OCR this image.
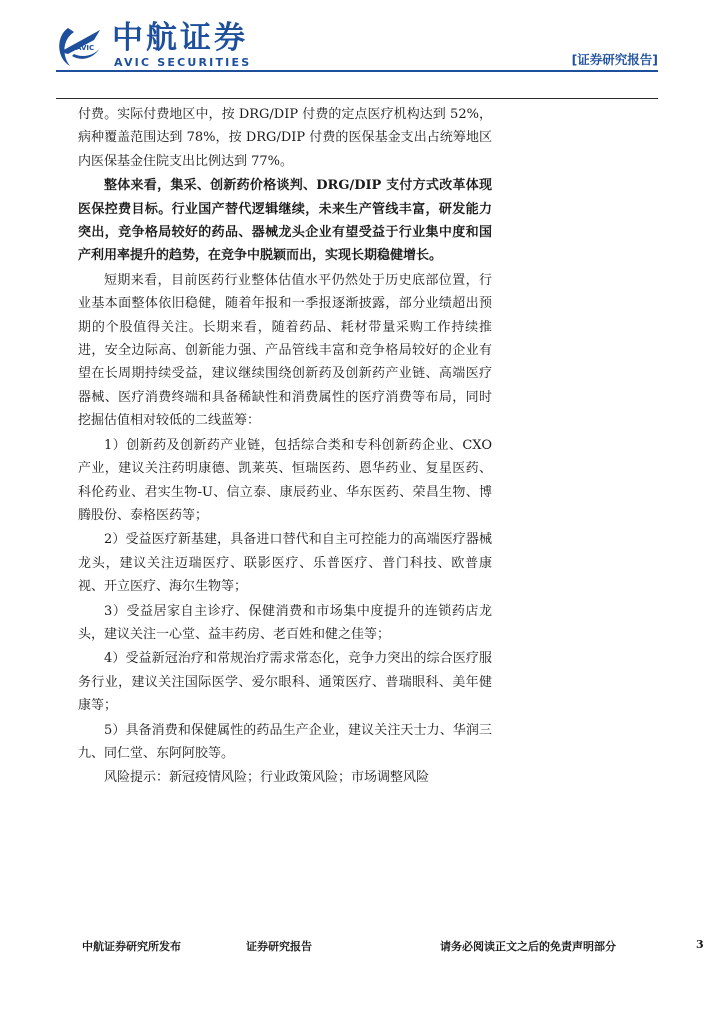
AVIC 中航证券
AVIC SECURITIES	[证券研究报告]

付费。实际付费地区中，按 DRG/DIP 付费的定点医疗机构达到 52%，病种覆盖范围达到 78%，按 DRG/DIP 付费的医保基金支出占统筹地区内医保基金住院支出比例达到 77%。

整体来看，集采、创新药价格谈判、DRG/DIP 支付方式改革体现医保控费目标。行业国产替代逻辑继续，未来生产管线丰富，研发能力突出，竞争格局较好的药品、器械龙头企业有望受益于行业集中度和国产利用率提升的趋势，在竞争中脱颖而出，实现长期稳健增长。

短期来看，目前医药行业整体估值水平仍然处于历史底部位置，行业基本面整体依旧稳健，随着年报和一季报逐渐披露，部分业绩超出预期的个股值得关注。长期来看，随着药品、耗材带量采购工作持续推进，安全边际高、创新能力强、产品管线丰富和竞争格局较好的企业有望在长周期持续受益，建议继续围绕创新药及创新药产业链、高端医疗器械、医疗消费终端和具备稀缺性和消费属性的医疗消费等布局，同时挖掘估值相对较低的二线蓝筹：

1）创新药及创新药产业链，包括综合类和专科创新药企业、CXO 产业，建议关注药明康德、凯莱英、恒瑞医药、恩华药业、复星医药、科伦药业、君实生物-U、信立泰、康辰药业、华东医药、荣昌生物、博腾股份、泰格医药等；

2）受益医疗新基建，具备进口替代和自主可控能力的高端医疗器械龙头，建议关注迈瑞医疗、联影医疗、乐普医疗、普门科技、欧普康视、开立医疗、海尔生物等；

3）受益居家自主诊疗、保健消费和市场集中度提升的连锁药店龙头，建议关注一心堂、益丰药房、老百姓和健之佳等；

4）受益新冠治疗和常规治疗需求常态化，竞争力突出的综合医疗服务行业，建议关注国际医学、爱尔眼科、通策医疗、普瑞眼科、美年健康等；

5）具备消费和保健属性的药品生产企业，建议关注天士力、华润三九、同仁堂、东阿阿胶等。

风险提示：新冠疫情风险；行业政策风险；市场调整风险

中航证券研究所发布	证券研究报告	请务必阅读正文之后的免责声明部分	3
